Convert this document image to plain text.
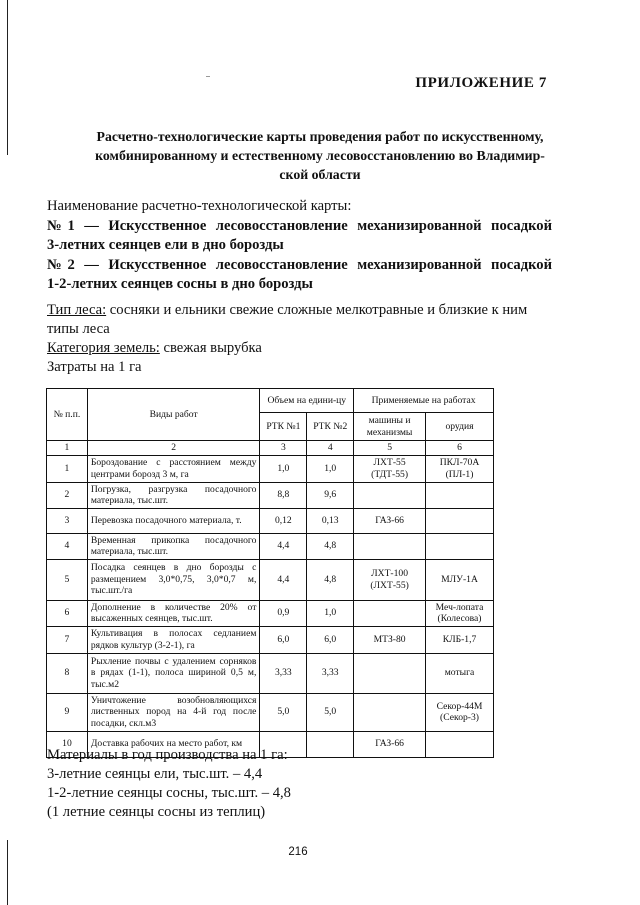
ПРИЛОЖЕНИЕ 7
Расчетно-технологические карты проведения работ по искусственному,
комбинированному и естественному лесовосстановлению во Владимир-
ской области
Наименование расчетно-технологической карты:
№1 — Искусственное лесовосстановление механизированной посадкой
3-летних сеянцев ели в дно борозды
№2 — Искусственное лесовосстановление механизированной посадкой
1-2-летних сеянцев сосны в дно борозды
Тип леса: сосняки и ельники свежие сложные мелкотравные и близкие к ним типы леса
Категория земель: свежая вырубка
Затраты на 1 га
№ п.п.	Виды работ	Объем на едини-цу		Применяемые на работах	
		РТК №1	РТК №2	машины и механизмы	орудия
1	2	3	4	5	6
1	Бороздование с расстоянием между центрами борозд 3 м, га	1,0	1,0	ЛХТ-55 (ТДТ-55)	ПКЛ-70А (ПЛ-1)
2	Погрузка, разгрузка посадочного материала, тыс.шт.	8,8	9,6		
3	Перевозка посадочного материала, т.	0,12	0,13	ГАЗ-66	
4	Временная прикопка посадочного материала, тыс.шт.	4,4	4,8		
5	Посадка сеянцев в дно борозды с размещением 3,0*0,75, 3,0*0,7 м, тыс.шт./га	4,4	4,8	ЛХТ-100 (ЛХТ-55)	МЛУ-1А
6	Дополнение в количестве 20% от высаженных сеянцев, тыс.шт.	0,9	1,0		Меч-лопата (Колесова)
7	Культивация в полосах седланием рядков культур (3-2-1), га	6,0	6,0	МТЗ-80	КЛБ-1,7
8	Рыхление почвы с удалением сорняков в рядах (1-1), полоса шириной 0,5 м, тыс.м2	3,33	3,33		мотыга
9	Уничтожение возобновляющихся лиственных пород на 4-й год после посадки, скл.м3	5,0	5,0		Секор-44М (Секор-3)
10	Доставка рабочих на место работ, км			ГАЗ-66	
Материалы в год производства на 1 га:
3-летние сеянцы ели, тыс.шт. – 4,4
1-2-летние сеянцы сосны, тыс.шт. – 4,8
(1 летние сеянцы сосны из теплиц)
216
